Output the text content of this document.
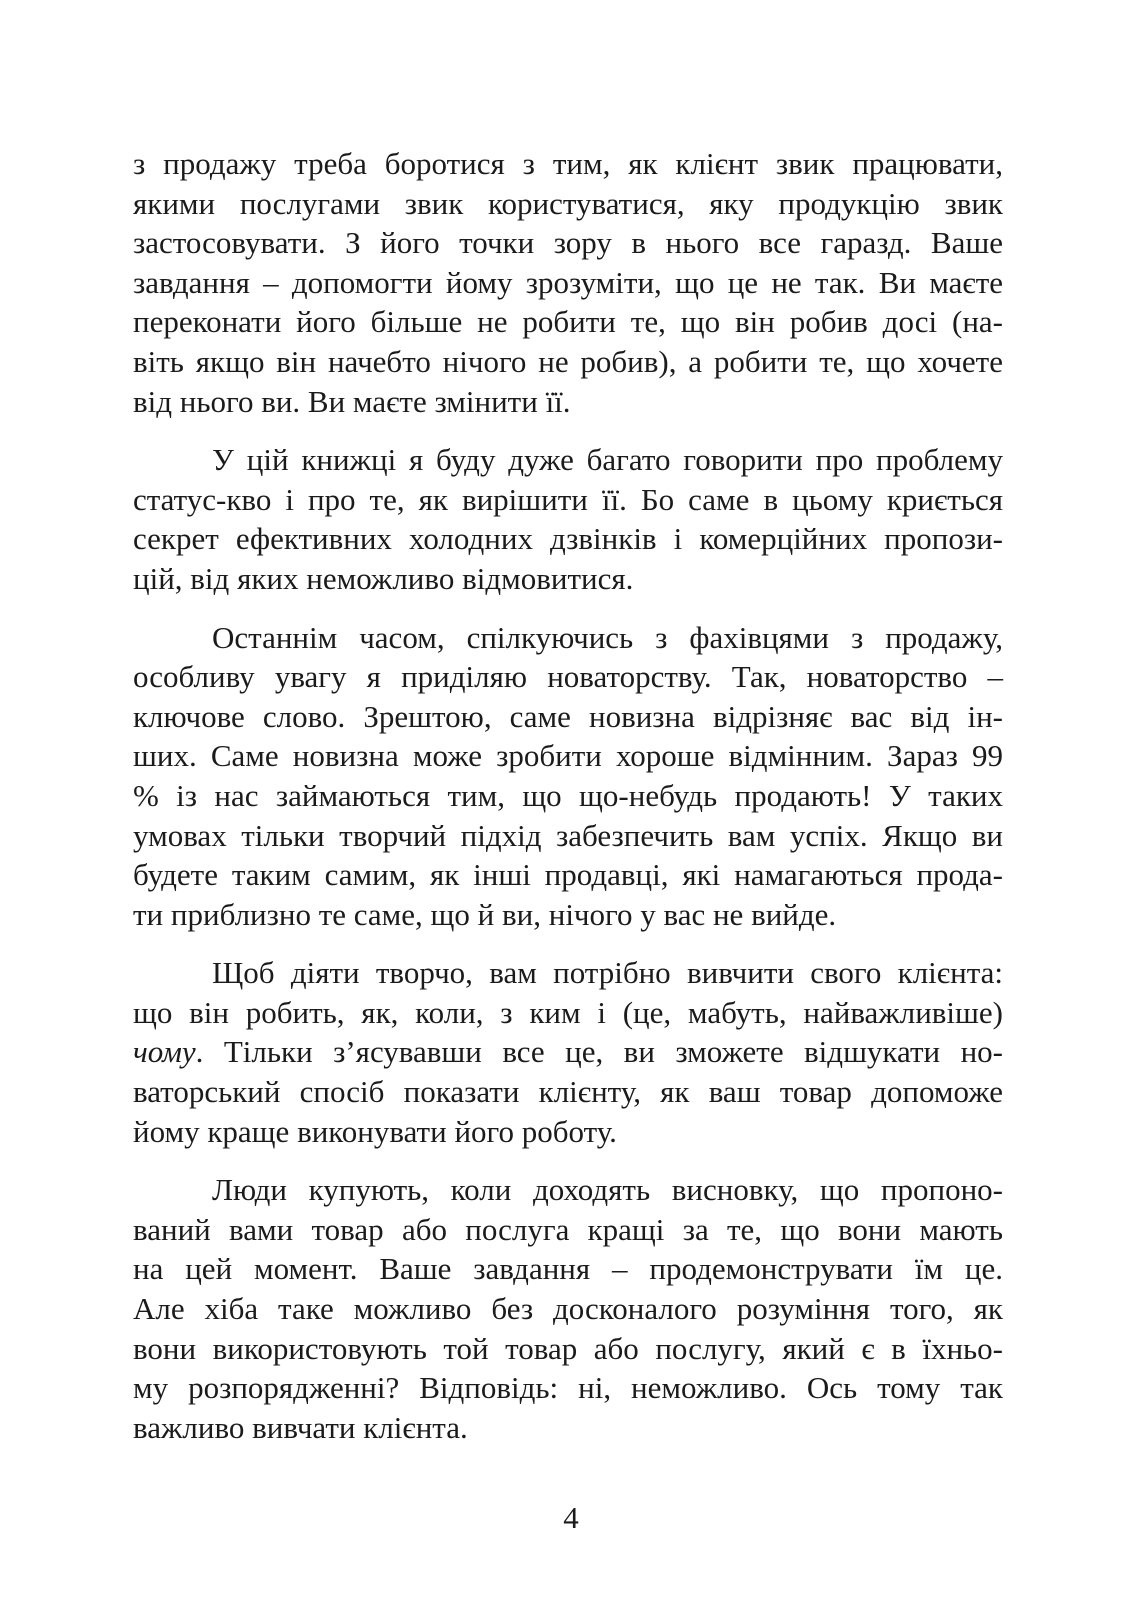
з продажу треба боротися з тим, як клієнт звик працювати,
якими послугами звик користуватися, яку продукцію звик
застосовувати. З його точки зору в нього все гаразд. Ваше
завдання – допомогти йому зрозуміти, що це не так. Ви маєте
переконати його більше не робити те, що він робив досі (на-
віть якщо він начебто нічого не робив), а робити те, що хочете
від нього ви. Ви маєте змінити її.
У цій книжці я буду дуже багато говорити про проблему
статус-кво і про те, як вирішити її. Бо саме в цьому криється
секрет ефективних холодних дзвінків і комерційних пропози-
цій, від яких неможливо відмовитися.
Останнім часом, спілкуючись з фахівцями з продажу,
особливу увагу я приділяю новаторству. Так, новаторство –
ключове слово. Зрештою, саме новизна відрізняє вас від ін-
ших. Саме новизна може зробити хороше відмінним. Зараз 99
% із нас займаються тим, що що-небудь продають! У таких
умовах тільки творчий підхід забезпечить вам успіх. Якщо ви
будете таким самим, як інші продавці, які намагаються прода-
ти приблизно те саме, що й ви, нічого у вас не вийде.
Щоб діяти творчо, вам потрібно вивчити свого клієнта:
що він робить, як, коли, з ким і (це, мабуть, найважливіше)
чому. Тільки з’ясувавши все це, ви зможете відшукати но-
ваторський спосіб показати клієнту, як ваш товар допоможе
йому краще виконувати його роботу.
Люди купують, коли доходять висновку, що пропоно-
ваний вами товар або послуга кращі за те, що вони мають
на цей момент. Ваше завдання – продемонструвати їм це.
Але хіба таке можливо без досконалого розуміння того, як
вони використовують той товар або послугу, який є в їхньо-
му розпорядженні? Відповідь: ні, неможливо. Ось тому так
важливо вивчати клієнта.
4
